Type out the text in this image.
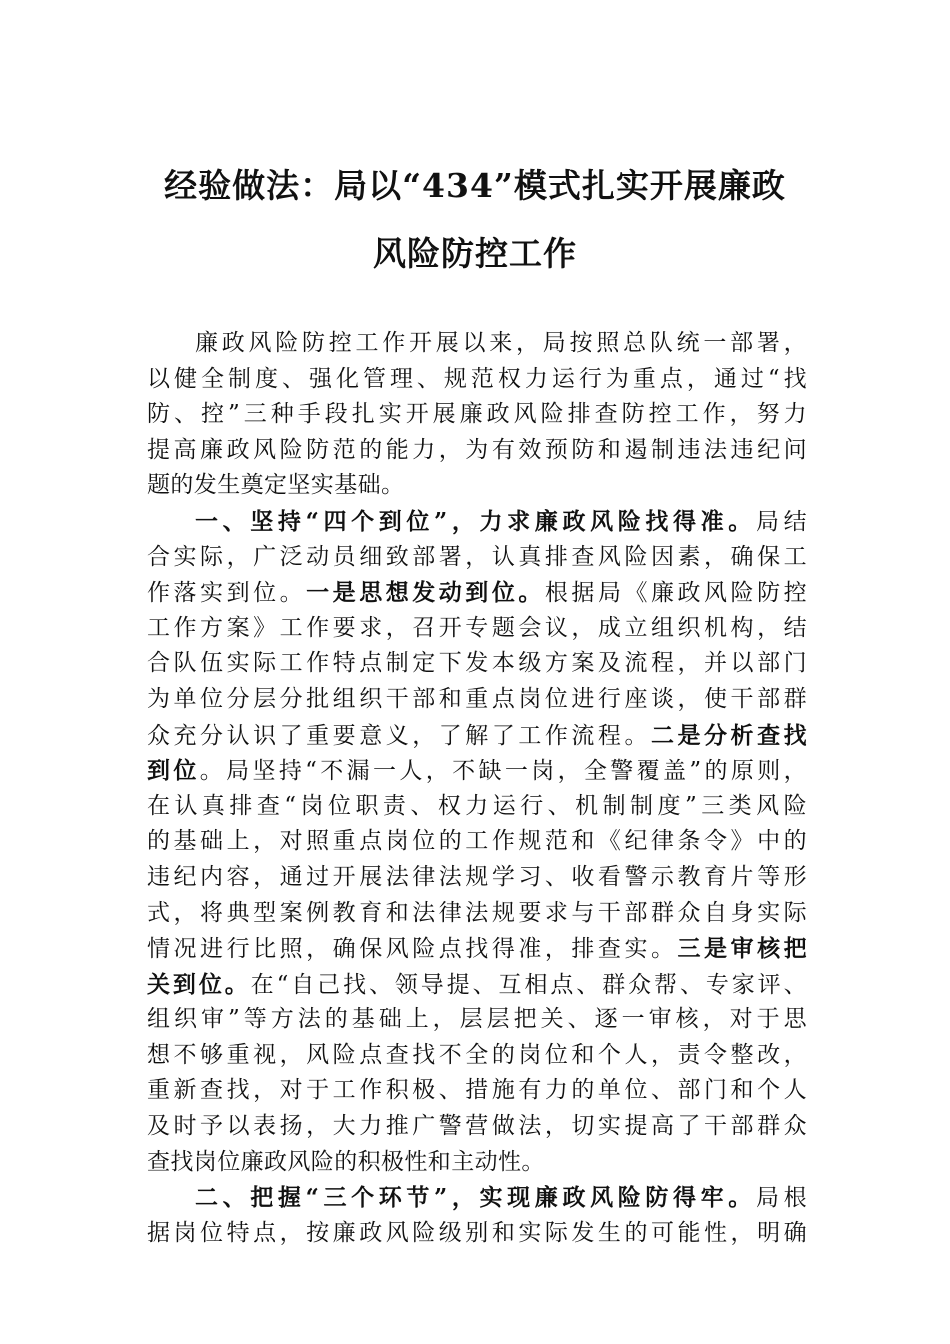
经验做法：局以“434”模式扎实开展廉政
风险防控工作
廉政风险防控工作开展以来，局按照总队统一部署，
以健全制度、强化管理、规范权力运行为重点，通过“找
防、控”三种手段扎实开展廉政风险排查防控工作，努力
提高廉政风险防范的能力，为有效预防和遏制违法违纪问
题的发生奠定坚实基础。
一、坚持“四个到位”，力求廉政风险找得准。局结
合实际，广泛动员细致部署，认真排查风险因素，确保工
作落实到位。一是思想发动到位。根据局《廉政风险防控
工作方案》工作要求，召开专题会议，成立组织机构，结
合队伍实际工作特点制定下发本级方案及流程，并以部门
为单位分层分批组织干部和重点岗位进行座谈，使干部群
众充分认识了重要意义，了解了工作流程。二是分析查找
到位。局坚持“不漏一人，不缺一岗，全警覆盖”的原则，
在认真排查“岗位职责、权力运行、机制制度”三类风险
的基础上，对照重点岗位的工作规范和《纪律条令》中的
违纪内容，通过开展法律法规学习、收看警示教育片等形
式，将典型案例教育和法律法规要求与干部群众自身实际
情况进行比照，确保风险点找得准，排查实。三是审核把
关到位。在“自己找、领导提、互相点、群众帮、专家评、
组织审”等方法的基础上，层层把关、逐一审核，对于思
想不够重视，风险点查找不全的岗位和个人，责令整改，
重新查找，对于工作积极、措施有力的单位、部门和个人
及时予以表扬，大力推广警营做法，切实提高了干部群众
查找岗位廉政风险的积极性和主动性。
二、把握“三个环节”，实现廉政风险防得牢。局根
据岗位特点，按廉政风险级别和实际发生的可能性，明确
